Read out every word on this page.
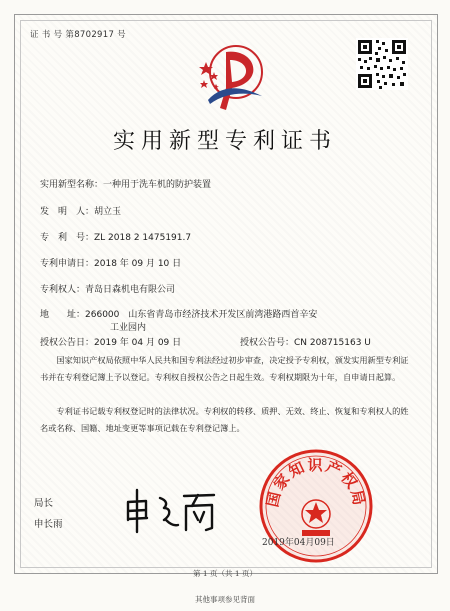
证 书 号 第8702917 号
实用新型专利证书
实用新型名称：一种用于洗车机的防护装置
发　明　人：胡立玉
专　利　号：ZL 2018 2 1475191.7
专利申请日：2018 年 09 月 10 日
专利权人：青岛日森机电有限公司
地　　址：266000　山东省青岛市经济技术开发区前湾港路西首辛安
工业园内
授权公告日：2019 年 04 月 09 日	授权公告号：CN 208715163 U
国家知识产权局依照中华人民共和国专利法经过初步审查，决定授予专利权，颁发实用新型专利证书并在专利登记簿上予以登记。专利权自授权公告之日起生效。专利权期限为十年，自申请日起算。
专利证书记载专利权登记时的法律状况。专利权的转移、质押、无效、终止、恢复和专利权人的姓名或名称、国籍、地址变更等事项记载在专利登记簿上。
局长
申长雨
国家知识产权局
2019年04月09日
第 1 页（共 1 页）
其他事项参见背面
